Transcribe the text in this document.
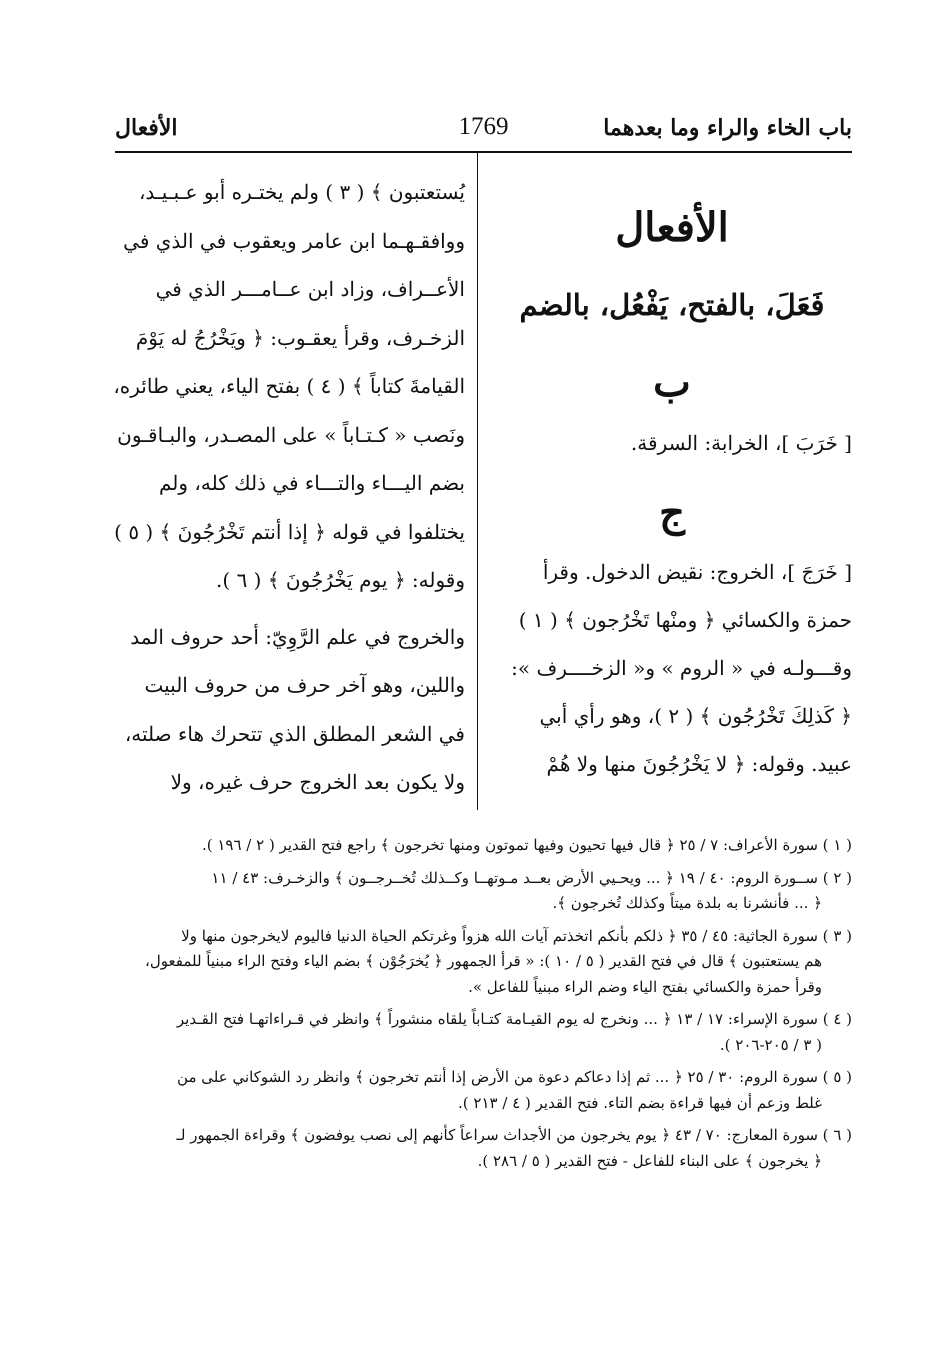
باب الخاء والراء وما بعدهما
1769
الأفعال
الأفعال
فَعَلَ، بالفتح، يَفْعُل، بالضم
ب
[ خَرَبَ ]، الخرابة: السرقة.
ج
[ خَرَجَ ]، الخروج: نقيض الدخول. وقرأ
حمزة والكسائي ﴿ ومنْها تَخْرُجون ﴾ ( ١ )
وقـــولـه في « الروم » و« الزخــــرف »:
﴿ كَذلِكَ تَخْرُجُون ﴾ ( ٢ )، وهو رأي أبي
عبيد. وقوله: ﴿ لا يَخْرُجُونَ منها ولا هُمْ
يُستعتبون ﴾ ( ٣ ) ولم يختـره أبو عـبـيـد،
ووافقـهـما ابن عامر ويعقوب في الذي في
الأعــراف، وزاد ابن عــامـــر الذي في
الزخـرف، وقرأ يعقـوب: ﴿ ويَخْرُجُ له يَوْمَ
القيامةَ كتاباً ﴾ ( ٤ ) بفتح الياء، يعني طائره،
ونَصب « كـتـاباً » على المصـدر، والبـاقـون
بضم اليـــاء والتـــاء في ذلك كله، ولم
يختلفوا في قوله ﴿ إذا أنتم تَخْرُجُونَ ﴾ ( ٥ )
وقوله: ﴿ يوم يَخْرُجُونَ ﴾ ( ٦ ).
والخروج في علم الرَّوِيّ: أحد حروف المد
واللين، وهو آخر حرف من حروف البيت
في الشعر المطلق الذي تتحرك هاء صلته،
ولا يكون بعد الخروج حرف غيره، ولا
( ١ ) سورة الأعراف: ٧ / ٢٥ ﴿ قال فيها تحيون وفيها تموتون ومنها تخرجون ﴾ راجع فتح القدير ( ٢ / ١٩٦ ).
( ٢ ) ســورة الروم: ٤٠ / ١٩ ﴿ ... ويحـيي الأرض بعــد مـوتهــا وكــذلك تُخــرجــون ﴾ والزخـرف: ٤٣ / ١١
﴿ ... فأنشرنا به بلدة ميتاً وكذلك تُخرجون ﴾.
( ٣ ) سورة الجاثية: ٤٥ / ٣٥ ﴿ ذلكم بأنكم اتخذتم آيات الله هزواً وغرتكم الحياة الدنيا فاليوم لايخرجون منها ولا
هم يستعتبون ﴾ قال في فتح القدير ( ٥ / ١٠ ): « قرأ الجمهور ﴿ يُخرَجُوْن ﴾ بضم الياء وفتح الراء مبنياً للمفعول،
وقرأ حمزة والكسائي بفتح الياء وضم الراء مبنياً للفاعل ».
( ٤ ) سورة الإسراء: ١٧ / ١٣ ﴿ ... ونخرج له يوم القيـامة كتـاباً يلقاه منشوراً ﴾ وانظر في قـراءاتهـا فتح القـدير
( ٣ / ٢٠٥-٢٠٦ ).
( ٥ ) سورة الروم: ٣٠ / ٢٥ ﴿ ... ثم إذا دعاكم دعوة من الأرض إذا أنتم تخرجون ﴾ وانظر رد الشوكاني على من
غلط وزعم أن فيها قراءة بضم التاء. فتح القدير ( ٤ / ٢١٣ ).
( ٦ ) سورة المعارج: ٧٠ / ٤٣ ﴿ يوم يخرجون من الأجداث سراعاً كأنهم إلى نصب يوفضون ﴾ وقراءة الجمهور لـ
﴿ يخرجون ﴾ على البناء للفاعل - فتح القدير ( ٥ / ٢٨٦ ).
